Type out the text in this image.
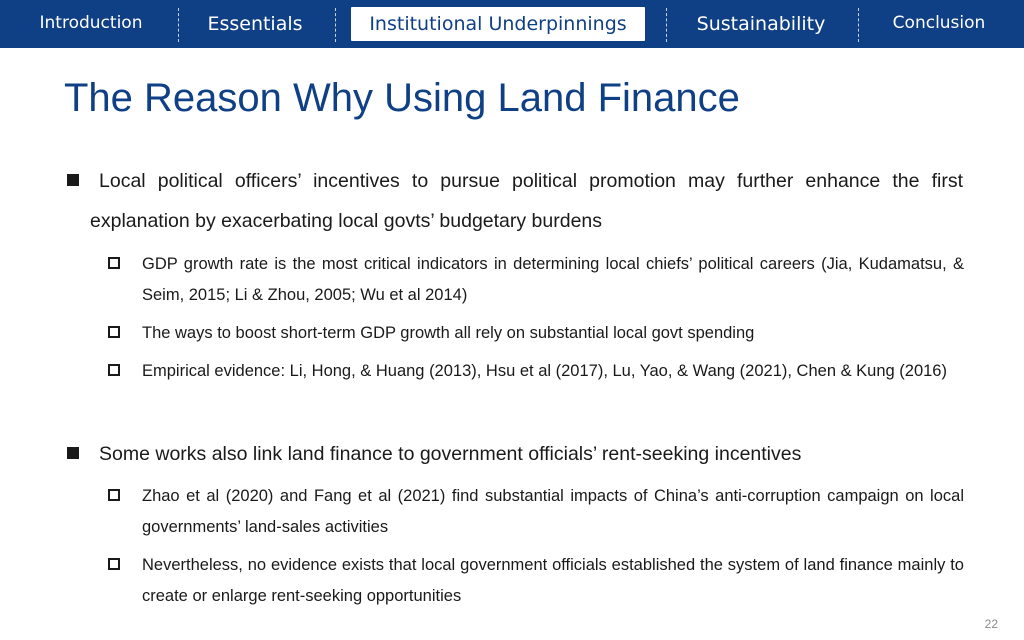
Introduction	Essentials	Institutional Underpinnings	Sustainability	Conclusion
The Reason Why Using Land Finance

Local political officers’ incentives to pursue political promotion may further enhance the first explanation by exacerbating local govts’ budgetary burdens

GDP growth rate is the most critical indicators in determining local chiefs’ political careers (Jia, Kudamatsu, & Seim, 2015; Li & Zhou, 2005; Wu et al 2014)

The ways to boost short-term GDP growth all rely on substantial local govt spending

Empirical evidence: Li, Hong, & Huang (2013), Hsu et al (2017), Lu, Yao, & Wang (2021), Chen & Kung (2016)

Some works also link land finance to government officials’ rent-seeking incentives

Zhao et al (2020) and Fang et al (2021) find substantial impacts of China’s anti-corruption campaign on local governments’ land-sales activities

Nevertheless, no evidence exists that local government officials established the system of land finance mainly to create or enlarge rent-seeking opportunities

22
